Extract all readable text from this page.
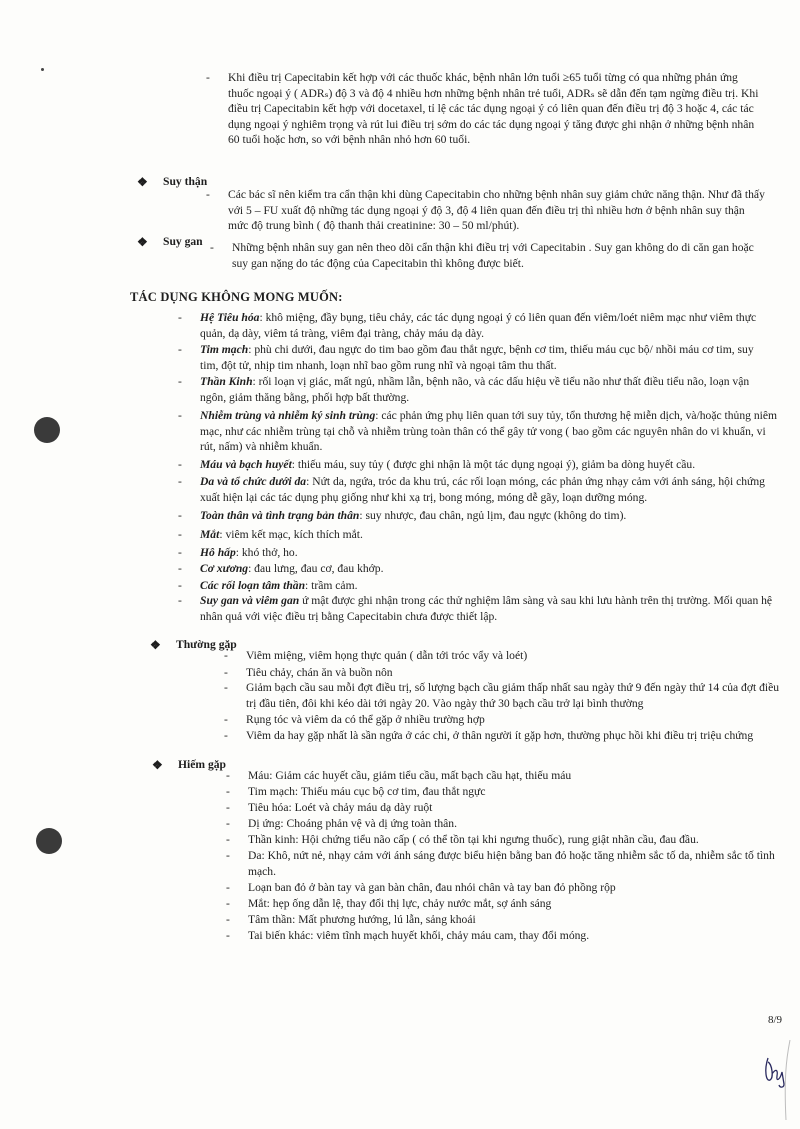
- Khi điều trị Capecitabin kết hợp với các thuốc khác, bệnh nhân lớn tuổi ≥65 tuổi từng có qua những phản ứng thuốc ngoại ý ( ADRₛ) độ 3 và độ 4 nhiều hơn những bệnh nhân trẻ tuổi, ADRₛ sẽ dẫn đến tạm ngừng điều trị. Khi điều trị Capecitabin kết hợp với docetaxel, tỉ lệ các tác dụng ngoại ý có liên quan đến điều trị độ 3 hoặc 4, các tác dụng ngoại ý nghiêm trọng và rút lui điều trị sớm do các tác dụng ngoại ý tăng được ghi nhận ở những bệnh nhân 60 tuổi hoặc hơn, so với bệnh nhân nhỏ hơn 60 tuổi.
❖ Suy thận
- Các bác sĩ nên kiểm tra cẩn thận khi dùng Capecitabin cho những bệnh nhân suy giảm chức năng thận. Như đã thấy với 5 – FU xuất độ những tác dụng ngoại ý độ 3, độ 4 liên quan đến điều trị thì nhiều hơn ở bệnh nhân suy thận mức độ trung bình ( độ thanh thải creatinine: 30 – 50 ml/phút).
❖ Suy gan
-	Những bệnh nhân suy gan nên theo dõi cẩn thận khi điều trị với Capecitabin . Suy gan không do di căn gan hoặc suy gan nặng do tác động của Capecitabin thì không được biết.
TÁC DỤNG KHÔNG MONG MUỐN:
- Hệ Tiêu hóa: khô miệng, đầy bụng, tiêu chảy, các tác dụng ngoại ý có liên quan đến viêm/loét niêm mạc như viêm thực quản, dạ dày, viêm tá tràng, viêm đại tràng, chảy máu dạ dày.
- Tim mạch: phù chi dưới, đau ngực do tim bao gồm đau thắt ngực, bệnh cơ tim, thiếu máu cục bộ/ nhồi máu cơ tim, suy tim, đột tử, nhịp tim nhanh, loạn nhĩ bao gồm rung nhĩ và ngoại tâm thu thất.
- Thần Kinh: rối loạn vị giác, mất ngủ, nhầm lẫn, bệnh não, và các dấu hiệu về tiểu não như thất điều tiểu não, loạn vận ngôn, giảm thăng bằng, phối hợp bất thường.
- Nhiễm trùng và nhiễm ký sinh trùng: các phản ứng phụ liên quan tới suy tủy, tổn thương hệ miễn dịch, và/hoặc thủng niêm mạc, như các nhiễm trùng tại chỗ và nhiễm trùng toàn thân có thể gây tử vong ( bao gồm các nguyên nhân do vi khuẩn, vi rút, nấm) và nhiễm khuẩn.
- Máu và bạch huyết: thiếu máu, suy tủy ( được ghi nhận là một tác dụng ngoại ý), giảm ba dòng huyết cầu.
- Da và tổ chức dưới da: Nứt da, ngứa, tróc da khu trú, các rối loạn móng, các phản ứng nhạy cảm với ánh sáng, hội chứng xuất hiện lại các tác dụng phụ giống như khi xạ trị, bong móng, móng dễ gãy, loạn dưỡng móng.
- Toàn thân và tình trạng bản thân: suy nhược, đau chân, ngủ lịm, đau ngực (không do tim).
- Mắt: viêm kết mạc, kích thích mắt.
- Hô hấp: khó thở, ho.
- Cơ xương: đau lưng, đau cơ, đau khớp.
- Các rối loạn tâm thần: trầm cảm.
- Suy gan và viêm gan ứ mật được ghi nhận trong các thử nghiệm lâm sàng và sau khi lưu hành trên thị trường. Mối quan hệ nhân quả với việc điều trị bằng Capecitabin chưa được thiết lập.
❖ Thường gặp
- Viêm miệng, viêm họng thực quản ( dẫn tới tróc vẩy và loét)
- Tiêu chảy, chán ăn và buồn nôn
- Giảm bạch cầu sau mỗi đợt điều trị, số lượng bạch cầu giảm thấp nhất sau ngày thứ 9 đến ngày thứ 14 của đợt điều trị đầu tiên, đôi khi kéo dài tới ngày 20. Vào ngày thứ 30 bạch cầu trở lại bình thường
- Rụng tóc và viêm da có thể gặp ở nhiều trường hợp
- Viêm da hay gặp nhất là sần ngứa ở các chi, ở thân người ít gặp hơn, thường phục hồi khi điều trị triệu chứng
❖ Hiếm gặp
- Máu: Giảm các huyết cầu, giảm tiểu cầu, mất bạch cầu hạt, thiếu máu
- Tim mạch: Thiếu máu cục bộ cơ tim, đau thắt ngực
- Tiêu hóa: Loét và chảy máu dạ dày ruột
- Dị ứng: Choáng phản vệ và dị ứng toàn thân.
- Thần kinh: Hội chứng tiểu não cấp ( có thể tồn tại khi ngưng thuốc), rung giật nhãn cầu, đau đầu.
- Da: Khô, nứt nẻ, nhạy cảm với ánh sáng được biểu hiện bằng ban đỏ hoặc tăng nhiễm sắc tố da, nhiễm sắc tố tình mạch.
- Loạn ban đỏ ở bàn tay và gan bàn chân, đau nhói chân và tay ban đỏ phồng rộp
- Mắt: hẹp ống dẫn lệ, thay đổi thị lực, chảy nước mắt, sợ ánh sáng
- Tâm thần: Mất phương hướng, lú lẫn, sảng khoái
- Tai biến khác: viêm tĩnh mạch huyết khối, chảy máu cam, thay đổi móng.
8/9
